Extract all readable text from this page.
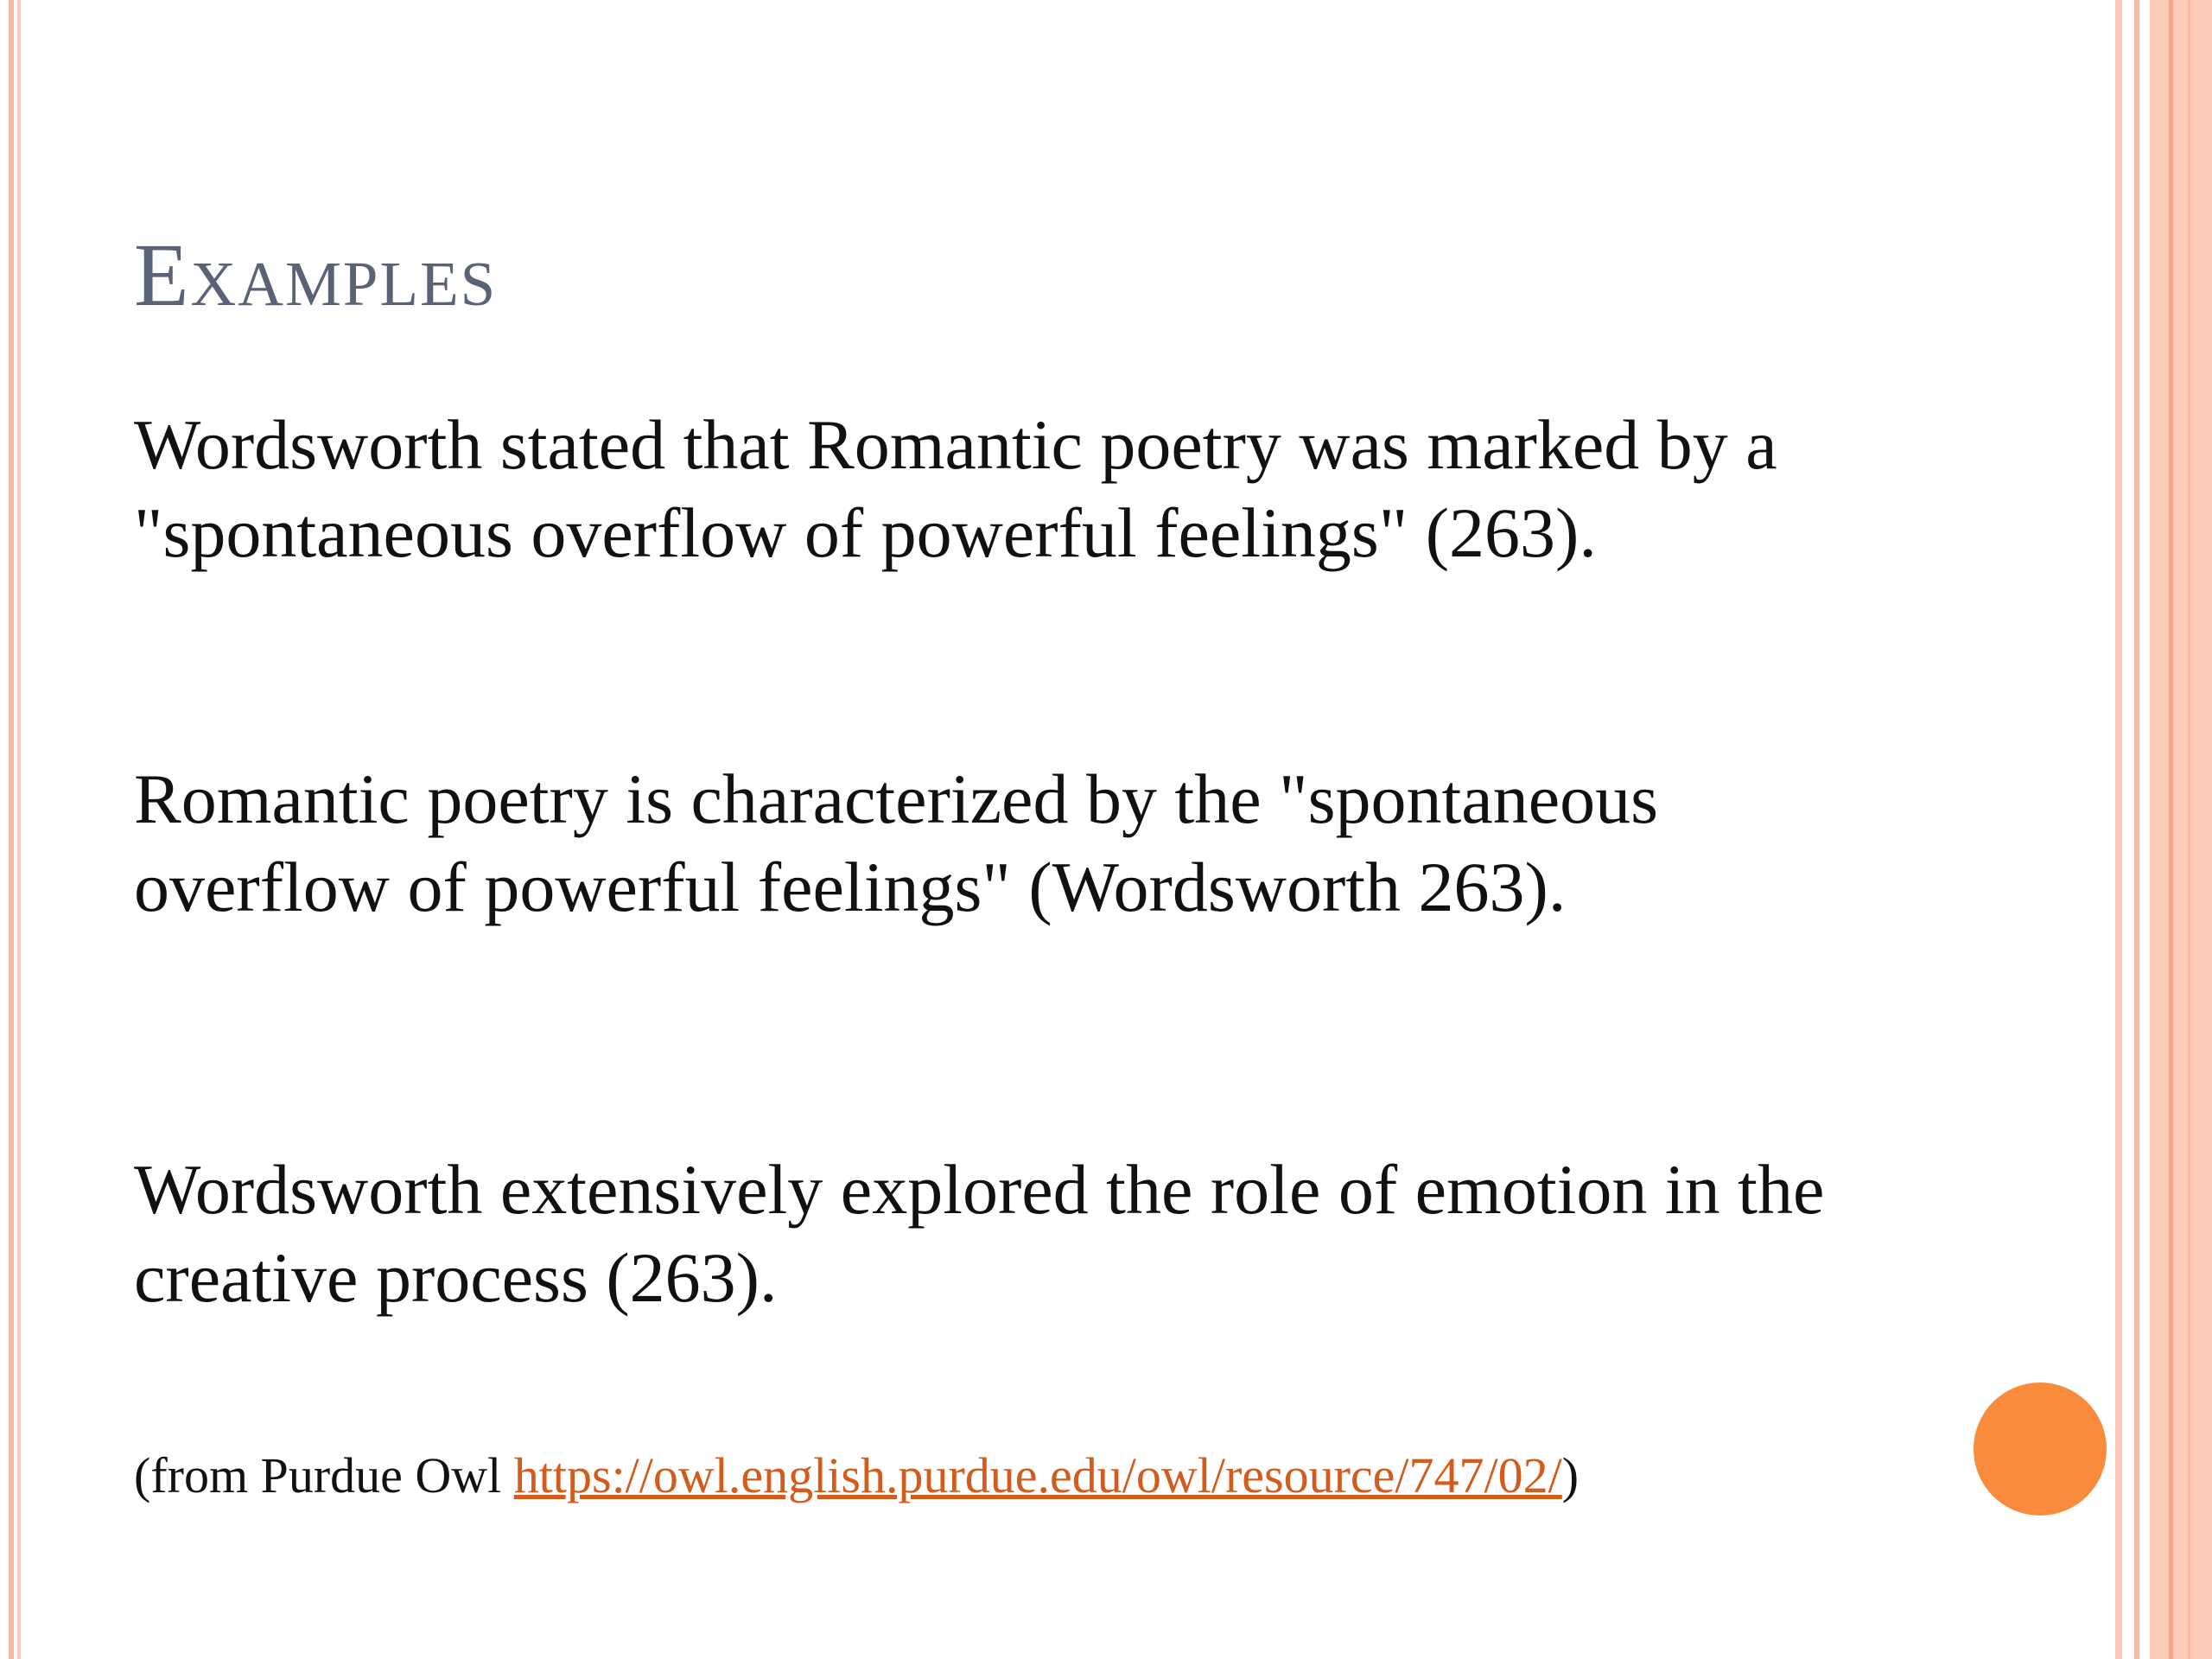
Examples

Wordsworth stated that Romantic poetry was marked by a "spontaneous overflow of powerful feelings" (263).

Romantic poetry is characterized by the "spontaneous overflow of powerful feelings" (Wordsworth 263).

Wordsworth extensively explored the role of emotion in the creative process (263).

(from Purdue Owl https://owl.english.purdue.edu/owl/resource/747/02/)
